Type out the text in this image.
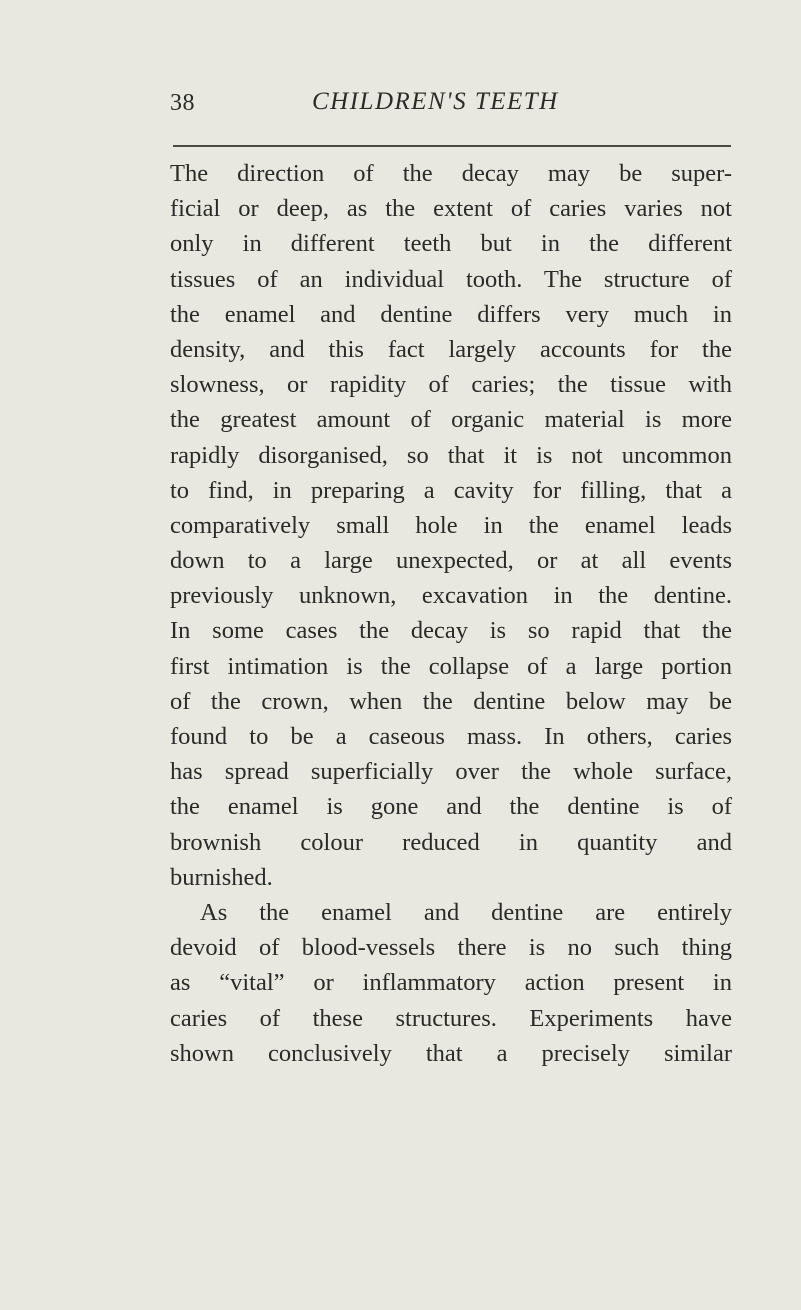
38	CHILDREN'S TEETH
The direction of the decay may be super-
ficial or deep, as the extent of caries varies not
only in different teeth but in the different
tissues of an individual tooth. The structure of
the enamel and dentine differs very much in
density, and this fact largely accounts for the
slowness, or rapidity of caries; the tissue with
the greatest amount of organic material is more
rapidly disorganised, so that it is not uncommon
to find, in preparing a cavity for filling, that a
comparatively small hole in the enamel leads
down to a large unexpected, or at all events
previously unknown, excavation in the dentine.
In some cases the decay is so rapid that the
first intimation is the collapse of a large portion
of the crown, when the dentine below may be
found to be a caseous mass. In others, caries
has spread superficially over the whole surface,
the enamel is gone and the dentine is of
brownish colour reduced in quantity and
burnished.
As the enamel and dentine are entirely
devoid of blood-vessels there is no such thing
as “vital” or inflammatory action present in
caries of these structures. Experiments have
shown conclusively that a precisely similar
